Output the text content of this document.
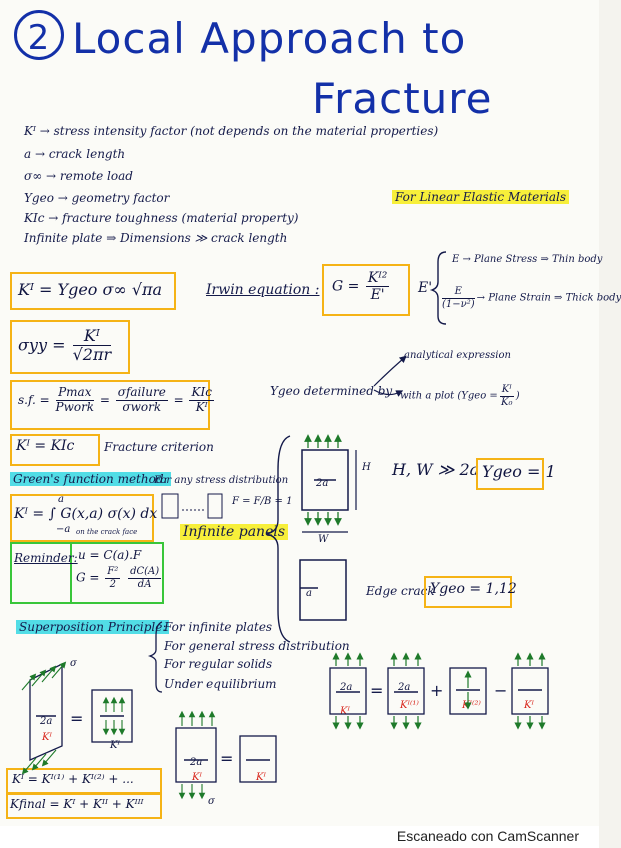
2 Local Approach to
Fracture
Kᴵ → stress intensity factor (not depends on the material properties)
a → crack length
σ∞ → remote load
Ygeo → geometry factor
KIc → fracture toughness (material property)
Infinite plate ⇒ Dimensions ≫ crack length
For Linear Elastic Materials
Kᴵ = Ygeo σ∞ √πa	Irwin equation : $G = \frac{\text{Kᴵ²}}{E'} E'$
E → Plane Stress ⇒ Thin body
$\frac{E}{\text{(1−ν²)}}$ → Plane Strain ⇒ Thick body
$\sigma yy = \frac{\text{Kᴵ}}{√2\pi r}$
s.f. = $\frac{Pmax}{\text{Pwork}} = \frac{\text{σfailure}}{\text{σwork}} = \frac{\text{KIc}}{\text{Kᴵ}}$	Ygeo determined by
analytical expression
with a plot (Ygeo = $\frac{\text{Kᴵ}}{\text{K₀}}$ )
Kᴵ = KIc Fracture criterion
Green's function method:
For any stress distribution
Kᴵ = ∫ G(x,a) σ(x) dx
a
−a on the crack face
F = F/B = 1
Infinite panels
H, W ≫ 2a
H
W
2a
Ygeo = 1
a	Edge crack
Ygeo = 1,12
Reminder: u = C(a).F
$G = \frac{\text{F²}}{2}$
$\frac{dC(A)}{dA}$
Superposition Principle:
For infinite plates
For general stress distribution
For regular solids
Under equilibrium	2a	2a
Kᴵ
Kᴵ⁽¹⁾	Kᴵ⁽²⁾	Kᴵ
2a
Kᴵ
Kᴵ
2a
Kᴵ	Kᴵ
σ
σ
Kᴵ = Kᴵ⁽¹⁾ + Kᴵ⁽²⁾ + ...
Kfinal = Kᴵ + Kᴵᴵ + Kᴵᴵᴵ
=	+	−
=
=
Escaneado con CamScanner
